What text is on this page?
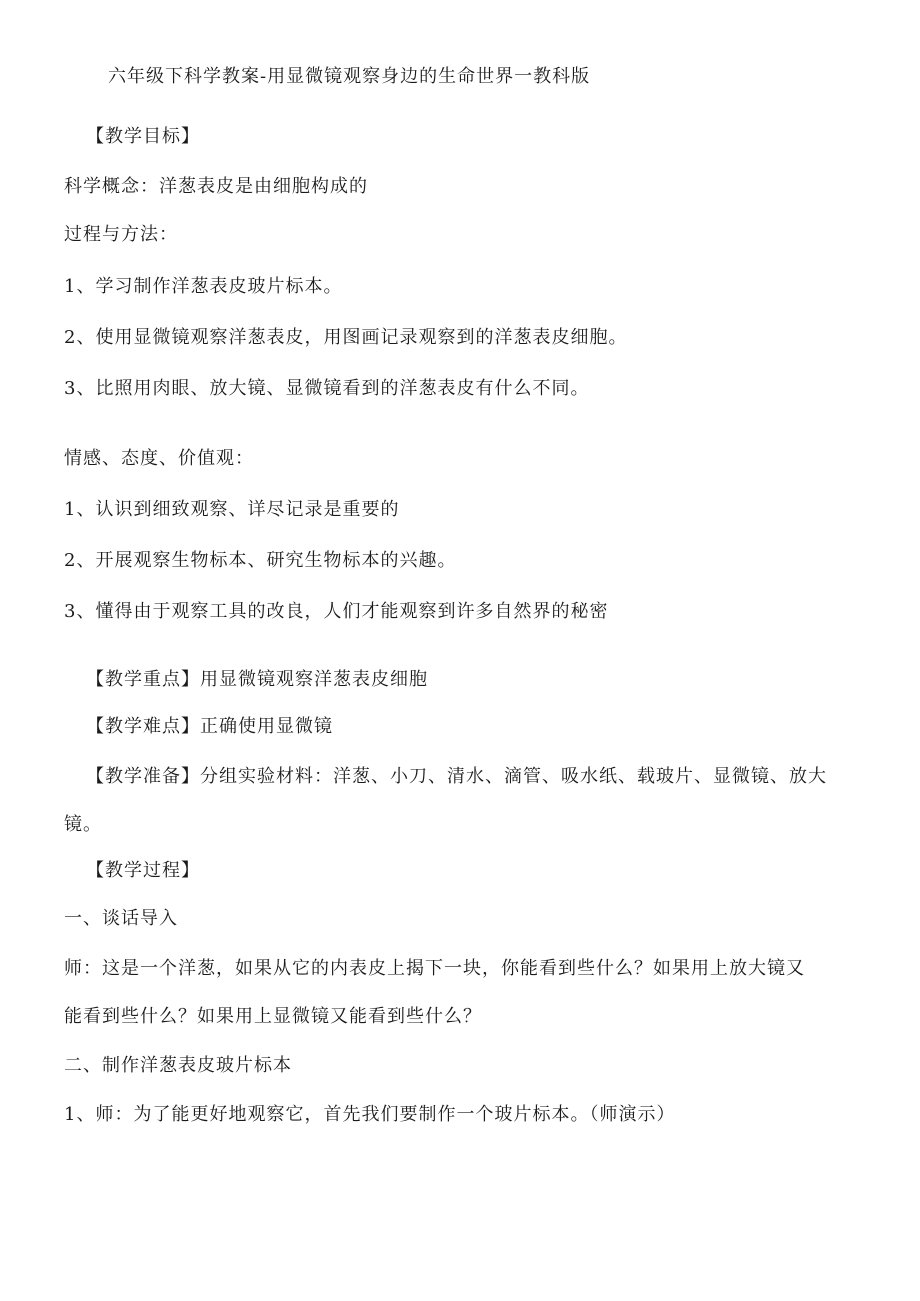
六年级下科学教案-用显微镜观察身边的生命世界一教科版
【教学目标】
科学概念：洋葱表皮是由细胞构成的
过程与方法：
1、学习制作洋葱表皮玻片标本。
2、使用显微镜观察洋葱表皮，用图画记录观察到的洋葱表皮细胞。
3、比照用肉眼、放大镜、显微镜看到的洋葱表皮有什么不同。
情感、态度、价值观：
1、认识到细致观察、详尽记录是重要的
2、开展观察生物标本、研究生物标本的兴趣。
3、懂得由于观察工具的改良，人们才能观察到许多自然界的秘密
【教学重点】用显微镜观察洋葱表皮细胞
【教学难点】正确使用显微镜
【教学准备】分组实验材料：洋葱、小刀、清水、滴管、吸水纸、载玻片、显微镜、放大
镜。
【教学过程】
一、谈话导入
师：这是一个洋葱，如果从它的内表皮上揭下一块，你能看到些什么？如果用上放大镜又
能看到些什么？如果用上显微镜又能看到些什么？
二、制作洋葱表皮玻片标本
1、师：为了能更好地观察它，首先我们要制作一个玻片标本。（师演示）
